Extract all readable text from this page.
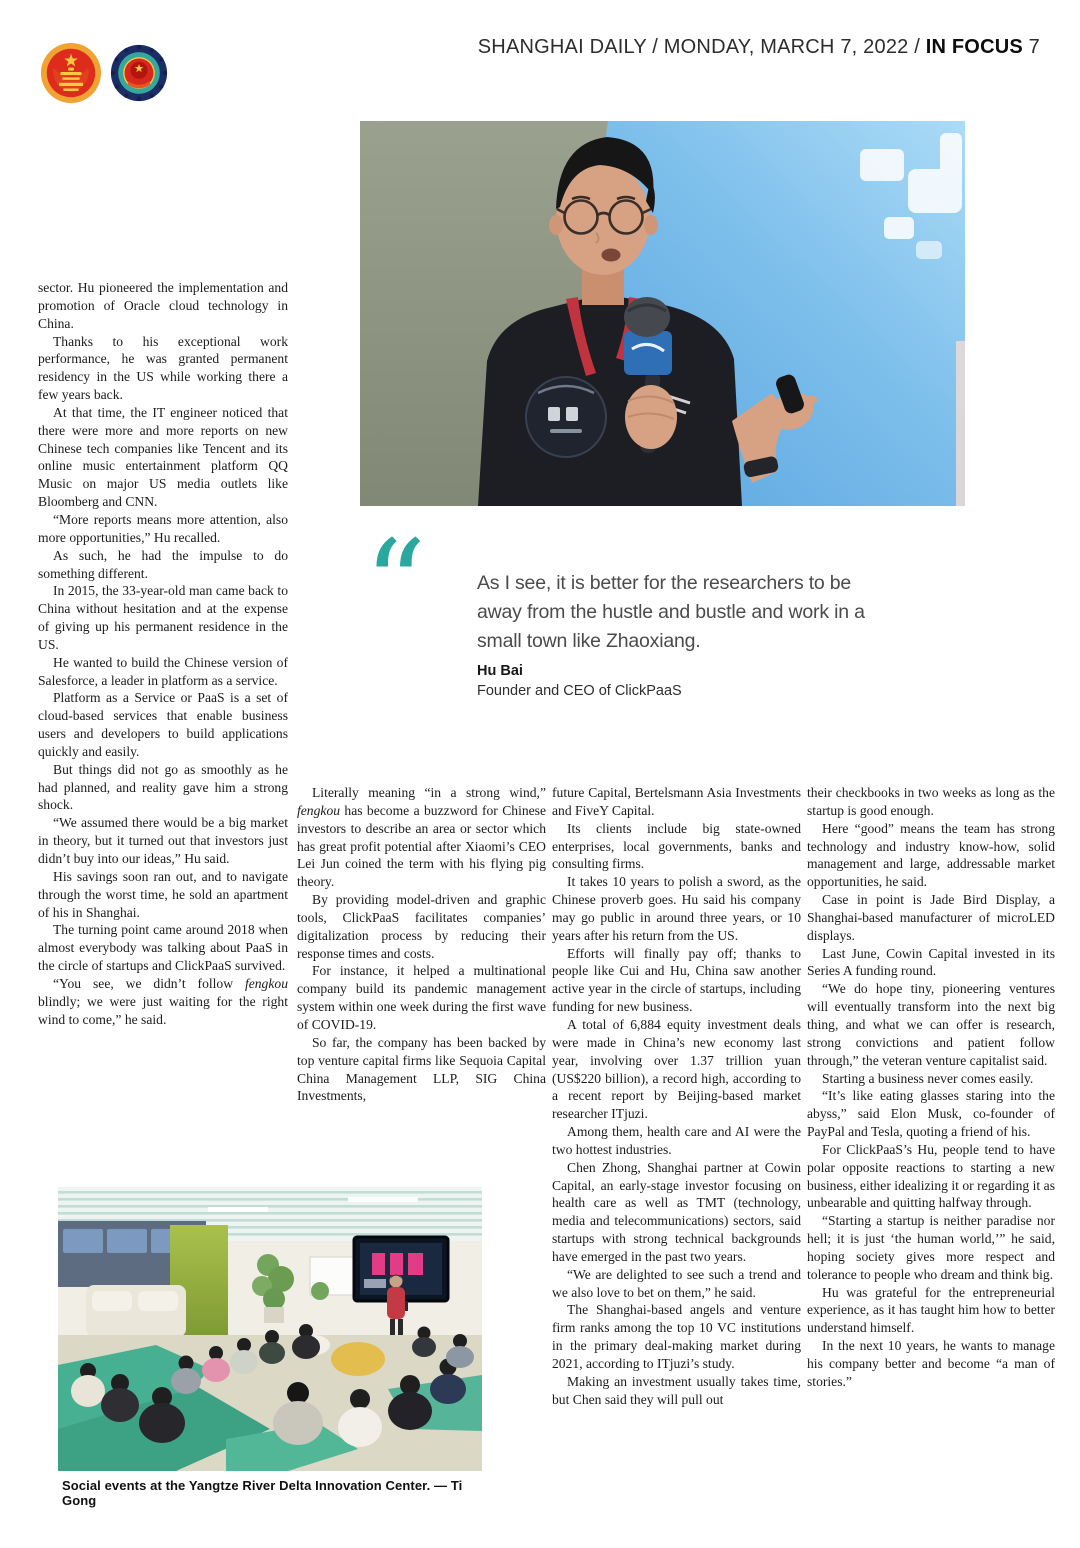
SHANGHAI DAILY / MONDAY, MARCH 7, 2022 / IN FOCUS 7
“	As I see, it is better for the researchers to be
away from the hustle and bustle and work in a
small town like Zhaoxiang.
Hu Bai
Founder and CEO of ClickPaaS

sector. Hu pioneered the implementation and promotion of Oracle cloud technology in China.

Thanks to his exceptional work performance, he was granted permanent residency in the US while working there a few years back.

At that time, the IT engineer noticed that there were more and more reports on new Chinese tech companies like Tencent and its online music entertainment platform QQ Music on major US media outlets like Bloomberg and CNN.

“More reports means more attention, also more opportunities,” Hu recalled.

As such, he had the impulse to do something different.

In 2015, the 33-year-old man came back to China without hesitation and at the expense of giving up his permanent residence in the US.

He wanted to build the Chinese version of Salesforce, a leader in platform as a service.

Platform as a Service or PaaS is a set of cloud-based services that enable business users and developers to build applications quickly and easily.

But things did not go as smoothly as he had planned, and reality gave him a strong shock.

“We assumed there would be a big market in theory, but it turned out that investors just didn’t buy into our ideas,” Hu said.

His savings soon ran out, and to navigate through the worst time, he sold an apartment of his in Shanghai.

The turning point came around 2018 when almost everybody was talking about PaaS in the circle of startups and ClickPaaS survived.

“You see, we didn’t follow fengkou blindly; we were just waiting for the right wind to come,” he said.

Literally meaning “in a strong wind,” fengkou has become a buzzword for Chinese investors to describe an area or sector which has great profit potential after Xiaomi’s CEO Lei Jun coined the term with his flying pig theory.

By providing model-driven and graphic tools, ClickPaaS facilitates companies’ digitalization process by reducing their response times and costs.

For instance, it helped a multinational company build its pandemic management system within one week during the first wave of COVID-19.

So far, the company has been backed by top venture capital firms like Sequoia Capital China Management LLP, SIG China Investments,

future Capital, Bertelsmann Asia Investments and FiveY Capital.

Its clients include big state-owned enterprises, local governments, banks and consulting firms.

It takes 10 years to polish a sword, as the Chinese proverb goes. Hu said his company may go public in around three years, or 10 years after his return from the US.

Efforts will finally pay off; thanks to people like Cui and Hu, China saw another active year in the circle of startups, including funding for new business.

A total of 6,884 equity investment deals were made in China’s new economy last year, involving over 1.37 trillion yuan (US$220 billion), a record high, according to a recent report by Beijing-based market researcher ITjuzi.

Among them, health care and AI were the two hottest industries.

Chen Zhong, Shanghai partner at Cowin Capital, an early-stage investor focusing on health care as well as TMT (technology, media and telecommunications) sectors, said startups with strong technical backgrounds have emerged in the past two years.

“We are delighted to see such a trend and we also love to bet on them,” he said.

The Shanghai-based angels and venture firm ranks among the top 10 VC institutions in the primary deal-making market during 2021, according to ITjuzi’s study.

Making an investment usually takes time, but Chen said they will pull out

their checkbooks in two weeks as long as the startup is good enough.

Here “good” means the team has strong technology and industry know-how, solid management and large, addressable market opportunities, he said.

Case in point is Jade Bird Display, a Shanghai-based manufacturer of microLED displays.

Last June, Cowin Capital invested in its Series A funding round.

“We do hope tiny, pioneering ventures will eventually transform into the next big thing, and what we can offer is research, strong convictions and patient follow through,” the veteran venture capitalist said.

Starting a business never comes easily.

“It’s like eating glasses staring into the abyss,” said Elon Musk, co-founder of PayPal and Tesla, quoting a friend of his.

For ClickPaaS’s Hu, people tend to have polar opposite reactions to starting a new business, either idealizing it or regarding it as unbearable and quitting halfway through.

“Starting a startup is neither paradise nor hell; it is just ‘the human world,’” he said, hoping society gives more respect and tolerance to people who dream and think big.

Hu was grateful for the entrepreneurial experience, as it has taught him how to better understand himself.

In the next 10 years, he wants to manage his company better and become “a man of stories.”

Social events at the Yangtze River Delta Innovation Center. — Ti Gong
